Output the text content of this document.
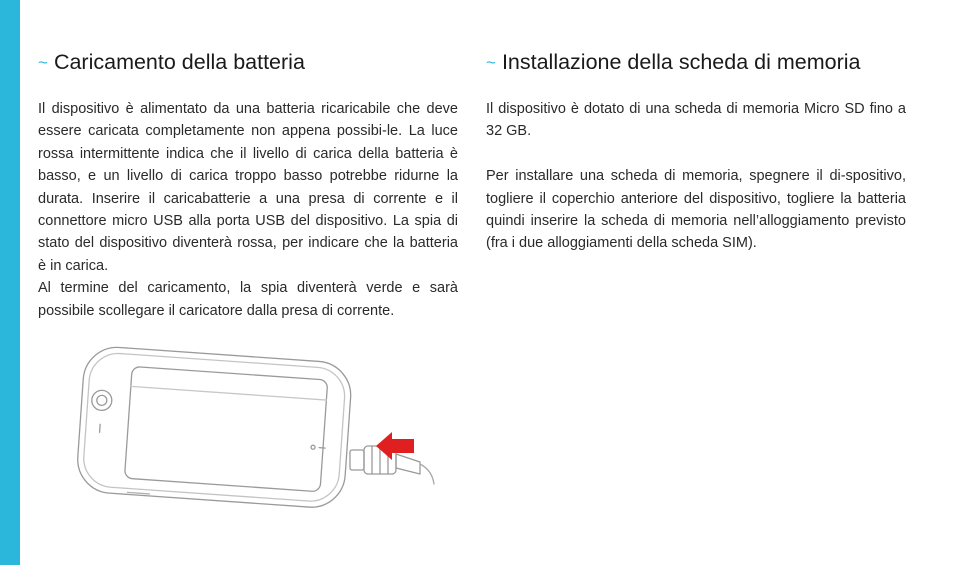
~ Caricamento della batteria

Il dispositivo è alimentato da una batteria ricaricabile che deve essere caricata completamente non appena possibi-le. La luce rossa intermittente indica che il livello di carica della batteria è basso, e un livello di carica troppo basso potrebbe ridurne la durata. Inserire il caricabatterie a una presa di corrente e il connettore micro USB alla porta USB del dispositivo. La spia di stato del dispositivo diventerà rossa, per indicare che la batteria è in carica.

Al termine del caricamento, la spia diventerà verde e sarà possibile scollegare il caricatore dalla presa di corrente.

~ Installazione della scheda di memoria

Il dispositivo è dotato di una scheda di memoria Micro SD fino a 32 GB.

Per installare una scheda di memoria, spegnere il di-spositivo, togliere il coperchio anteriore del dispositivo, togliere la batteria quindi inserire la scheda di memoria nell’alloggiamento previsto (fra i due alloggiamenti della scheda SIM).
